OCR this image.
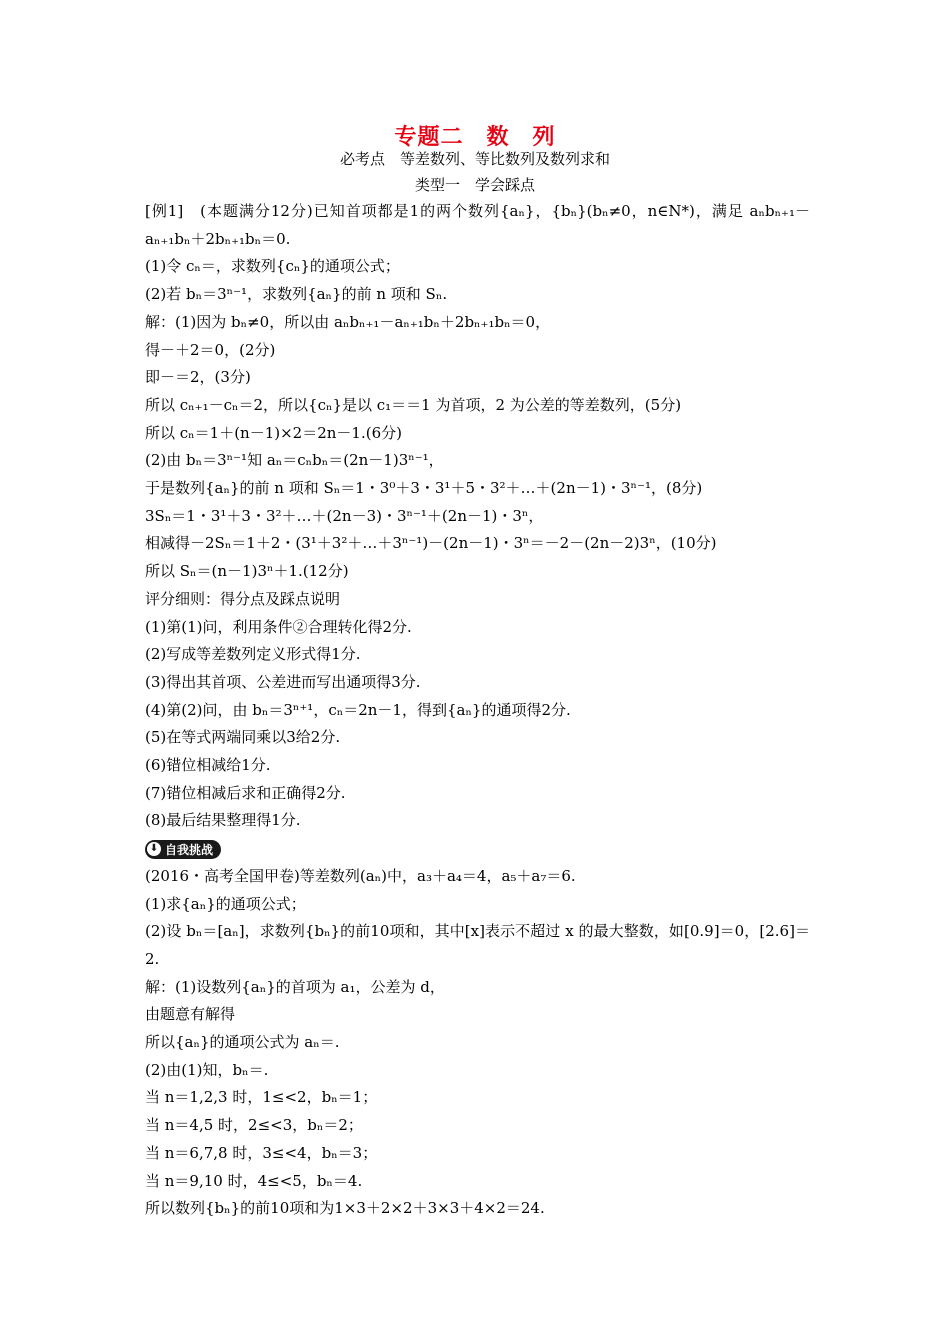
专题二　数　列
必考点　等差数列、等比数列及数列求和
类型一　学会踩点

[例1]　(本题满分12分)已知首项都是1的两个数列{aₙ}，{bₙ}(bₙ≠0，n∈N*)，满足 aₙbₙ₊₁－aₙ₊₁bₙ＋2bₙ₊₁bₙ＝0.

(1)令 cₙ＝，求数列{cₙ}的通项公式；

(2)若 bₙ＝3ⁿ⁻¹，求数列{aₙ}的前 n 项和 Sₙ.

解：(1)因为 bₙ≠0，所以由 aₙbₙ₊₁－aₙ₊₁bₙ＋2bₙ₊₁bₙ＝0，

得－＋2＝0，(2分)

即－＝2，(3分)

所以 cₙ₊₁－cₙ＝2，所以{cₙ}是以 c₁＝＝1 为首项，2 为公差的等差数列，(5分)

所以 cₙ＝1＋(n－1)×2＝2n－1.(6分)

(2)由 bₙ＝3ⁿ⁻¹知 aₙ＝cₙbₙ＝(2n－1)3ⁿ⁻¹，

于是数列{aₙ}的前 n 项和 Sₙ＝1・3⁰＋3・3¹＋5・3²＋…＋(2n－1)・3ⁿ⁻¹，(8分)

3Sₙ＝1・3¹＋3・3²＋…＋(2n－3)・3ⁿ⁻¹＋(2n－1)・3ⁿ，

相减得－2Sₙ＝1＋2・(3¹＋3²＋…＋3ⁿ⁻¹)－(2n－1)・3ⁿ＝－2－(2n－2)3ⁿ，(10分)

所以 Sₙ＝(n－1)3ⁿ＋1.(12分)

评分细则：得分点及踩点说明

(1)第(1)问，利用条件②合理转化得2分.

(2)写成等差数列定义形式得1分.

(3)得出其首项、公差进而写出通项得3分.

(4)第(2)问，由 bₙ＝3ⁿ⁺¹，cₙ＝2n－1，得到{aₙ}的通项得2分.

(5)在等式两端同乘以3给2分.

(6)错位相减给1分.

(7)错位相减后求和正确得2分.

(8)最后结果整理得1分.

⬇ 自我挑战

(2016・高考全国甲卷)等差数列(aₙ)中，a₃＋a₄＝4，a₅＋a₇＝6.

(1)求{aₙ}的通项公式；

(2)设 bₙ＝[aₙ]，求数列{bₙ}的前10项和，其中[x]表示不超过 x 的最大整数，如[0.9]＝0，[2.6]＝2.

解：(1)设数列{aₙ}的首项为 a₁，公差为 d，

由题意有解得

所以{aₙ}的通项公式为 aₙ＝.

(2)由(1)知，bₙ＝.

当 n＝1,2,3 时，1≤<2，bₙ＝1；

当 n＝4,5 时，2≤<3，bₙ＝2；

当 n＝6,7,8 时，3≤<4，bₙ＝3；

当 n＝9,10 时，4≤<5，bₙ＝4.

所以数列{bₙ}的前10项和为1×3＋2×2＋3×3＋4×2＝24.
